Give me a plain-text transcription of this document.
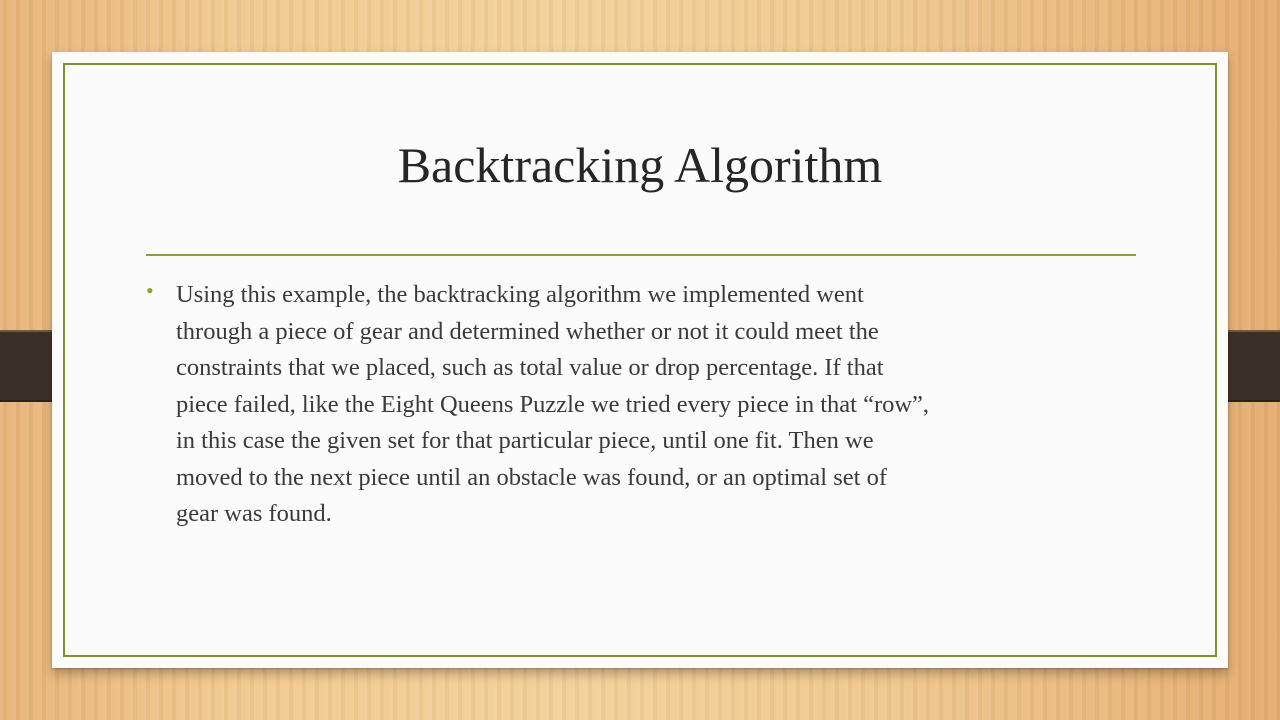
Backtracking Algorithm
• Using this example, the backtracking algorithm we implemented went
through a piece of gear and determined whether or not it could meet the
constraints that we placed, such as total value or drop percentage. If that
piece failed, like the Eight Queens Puzzle we tried every piece in that “row”,
in this case the given set for that particular piece, until one fit. Then we
moved to the next piece until an obstacle was found, or an optimal set of
gear was found.
